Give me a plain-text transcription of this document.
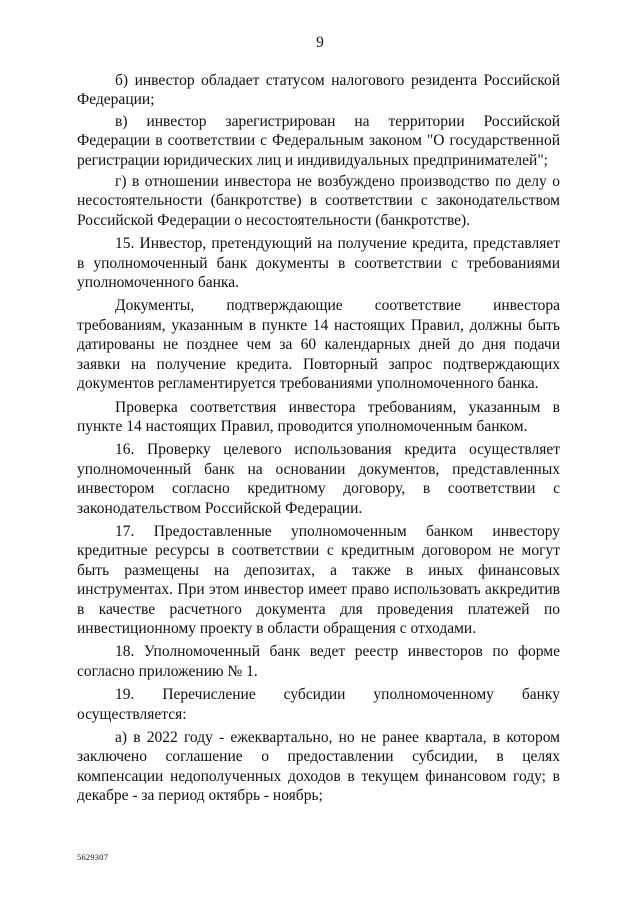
9

б) инвестор обладает статусом налогового резидента Российской Федерации;

в) инвестор зарегистрирован на территории Российской Федерации в соответствии с Федеральным законом "О государственной регистрации юридических лиц и индивидуальных предпринимателей";

г) в отношении инвестора не возбуждено производство по делу о несостоятельности (банкротстве) в соответствии с законодательством Российской Федерации о несостоятельности (банкротстве).

15. Инвестор, претендующий на получение кредита, представляет в уполномоченный банк документы в соответствии с требованиями уполномоченного банка.

Документы, подтверждающие соответствие инвестора требованиям, указанным в пункте 14 настоящих Правил, должны быть датированы не позднее чем за 60 календарных дней до дня подачи заявки на получение кредита. Повторный запрос подтверждающих документов регламентируется требованиями уполномоченного банка.

Проверка соответствия инвестора требованиям, указанным в пункте 14 настоящих Правил, проводится уполномоченным банком.

16. Проверку целевого использования кредита осуществляет уполномоченный банк на основании документов, представленных инвестором согласно кредитному договору, в соответствии с законодательством Российской Федерации.

17. Предоставленные уполномоченным банком инвестору кредитные ресурсы в соответствии с кредитным договором не могут быть размещены на депозитах, а также в иных финансовых инструментах. При этом инвестор имеет право использовать аккредитив в качестве расчетного документа для проведения платежей по инвестиционному проекту в области обращения с отходами.

18. Уполномоченный банк ведет реестр инвесторов по форме согласно приложению № 1.

19. Перечисление субсидии уполномоченному банку осуществляется:

а) в 2022 году - ежеквартально, но не ранее квартала, в котором заключено соглашение о предоставлении субсидии, в целях компенсации недополученных доходов в текущем финансовом году; в декабре - за период октябрь - ноябрь;

5629307
